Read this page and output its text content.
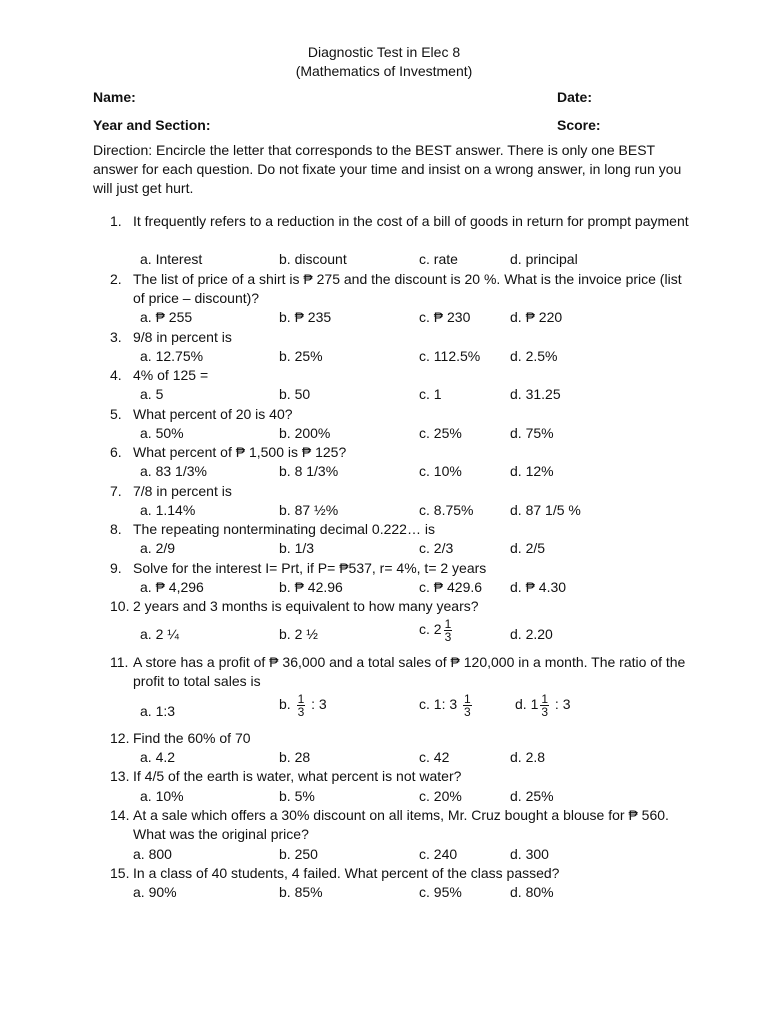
Diagnostic Test in Elec 8
(Mathematics of Investment)
Name:	Date:
Year and Section:	Score:
Direction: Encircle the letter that corresponds to the BEST answer. There is only one BEST answer for each question. Do not fixate your time and insist on a wrong answer, in long run you will just get hurt.
1. It frequently refers to a reduction in the cost of a bill of goods in return for prompt payment
a. Interest	b. discount	c. rate	d. principal
2. The list of price of a shirt is ₱ 275 and the discount is 20 %. What is the invoice price (list of price – discount)?
a. ₱ 255	b. ₱ 235	c. ₱ 230	d. ₱ 220
3. 9/8 in percent is
a. 12.75%	b. 25%	c. 112.5% d. 2.5%
4. 4% of 125 =
a. 5	b. 50	c. 1	d. 31.25
5. What percent of 20 is 40?
a. 50%	b. 200%	c. 25%	d. 75%
6. What percent of ₱ 1,500 is ₱ 125?
a. 83 1/3%	b. 8 1/3%	c. 10%	d. 12%
7. 7/8 in percent is
a. 1.14%	b. 87 ½%	c. 8.75%	d. 87 1/5 %
8. The repeating nonterminating decimal 0.222… is
a. 2/9	b. 1/3	c. 2/3	d. 2/5
9. Solve for the interest I= Prt, if P= ₱537, r= 4%, t= 2 years
a. ₱ 4,296	b. ₱ 42.96	c. ₱ 429.6 d. ₱ 4.30
10. 2 years and 3 months is equivalent to how many years?
a. 2 ¼	b. 2 ½	c. $2 \frac{1}{3}$	d. 2.20
11. A store has a profit of ₱ 36,000 and a total sales of ₱ 120,000 in a month. The ratio of the profit to total sales is
a. 1:3	b. $\frac{1}{3}$ : 3	c. 1: $3 \frac{1}{3}$	d. $1 \frac{1}{3}$ : 3
12. Find the 60% of 70
a. 4.2	b. 28	c. 42	d. 2.8
13. If 4/5 of the earth is water, what percent is not water?
a. 10%	b. 5%	c. 20%	d. 25%
14. At a sale which offers a 30% discount on all items, Mr. Cruz bought a blouse for ₱ 560. What was the original price?
a. 800	b. 250	c. 240	d. 300
15. In a class of 40 students, 4 failed. What percent of the class passed?
a. 90%	b. 85%	c. 95%	d. 80%
